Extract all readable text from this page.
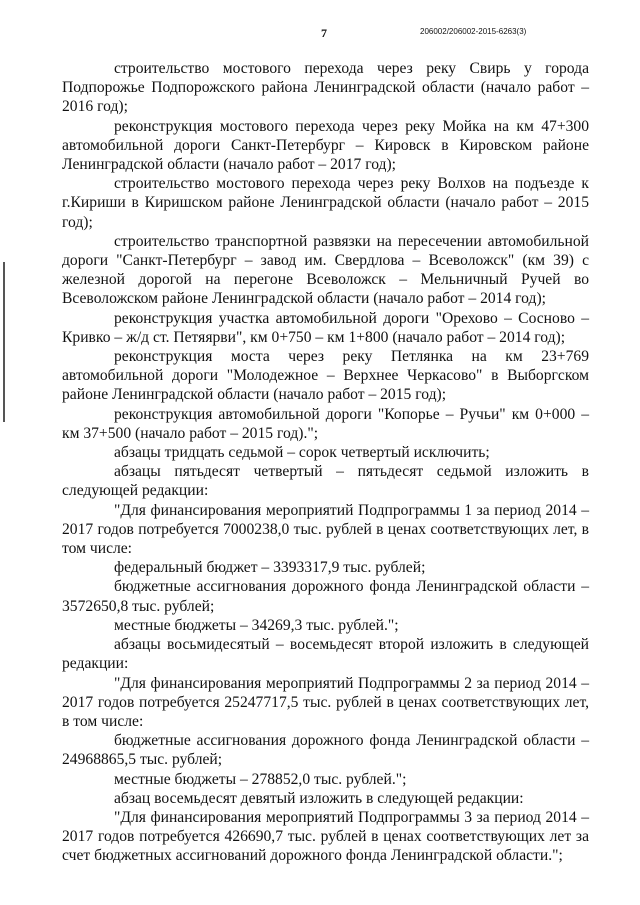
7	206002/206002-2015-6263(3)

строительство мостового перехода через реку Свирь у города Подпорожье Подпорожского района Ленинградской области (начало работ – 2016 год);

реконструкция мостового перехода через реку Мойка на км 47+300 автомобильной дороги Санкт-Петербург – Кировск в Кировском районе Ленинградской области (начало работ – 2017 год);

строительство мостового перехода через реку Волхов на подъезде к г.Кириши в Киришском районе Ленинградской области (начало работ – 2015 год);

строительство транспортной развязки на пересечении автомобильной дороги "Санкт-Петербург – завод им. Свердлова – Всеволожск" (км 39) с железной дорогой на перегоне Всеволожск – Мельничный Ручей во Всеволожском районе Ленинградской области (начало работ – 2014 год);

реконструкция участка автомобильной дороги "Орехово – Сосново – Кривко – ж/д ст. Петяярви", км 0+750 – км 1+800 (начало работ – 2014 год);

реконструкция моста через реку Петлянка на км 23+769 автомобильной дороги "Молодежное – Верхнее Черкасово" в Выборгском районе Ленинградской области (начало работ – 2015 год);

реконструкция автомобильной дороги "Копорье – Ручьи" км 0+000 – км 37+500 (начало работ – 2015 год).";

абзацы тридцать седьмой – сорок четвертый исключить;

абзацы пятьдесят четвертый – пятьдесят седьмой изложить в следующей редакции:

"Для финансирования мероприятий Подпрограммы 1 за период 2014 – 2017 годов потребуется 7000238,0 тыс. рублей в ценах соответствующих лет, в том числе:

федеральный бюджет – 3393317,9 тыс. рублей;

бюджетные ассигнования дорожного фонда Ленинградской области – 3572650,8 тыс. рублей;

местные бюджеты – 34269,3 тыс. рублей.";

абзацы восьмидесятый – восемьдесят второй изложить в следующей редакции:

"Для финансирования мероприятий Подпрограммы 2 за период 2014 – 2017 годов потребуется 25247717,5 тыс. рублей в ценах соответствующих лет, в том числе:

бюджетные ассигнования дорожного фонда Ленинградской области – 24968865,5 тыс. рублей;

местные бюджеты – 278852,0 тыс. рублей.";

абзац восемьдесят девятый изложить в следующей редакции:

"Для финансирования мероприятий Подпрограммы 3 за период 2014 – 2017 годов потребуется 426690,7 тыс. рублей в ценах соответствующих лет за счет бюджетных ассигнований дорожного фонда Ленинградской области.";
